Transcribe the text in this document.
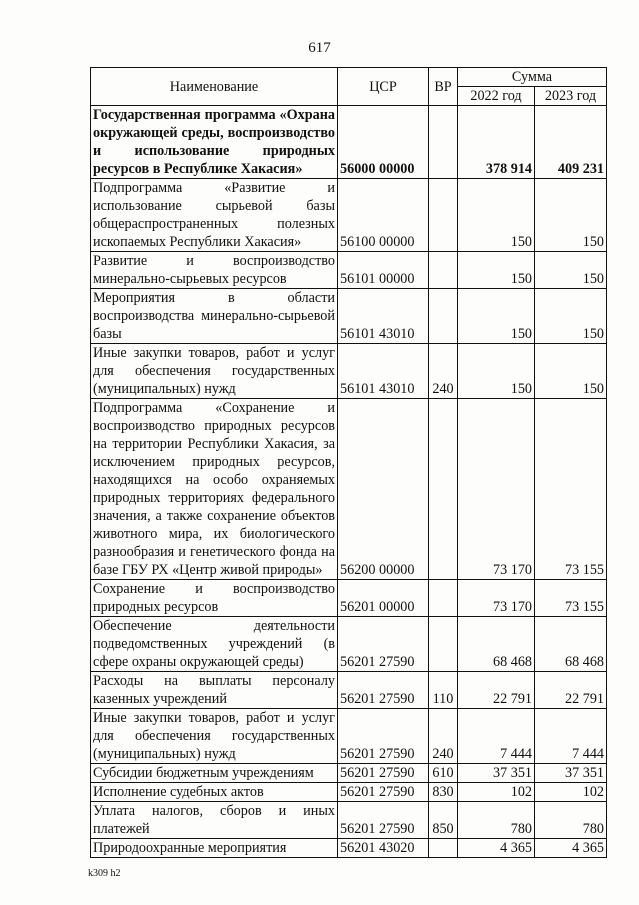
617
Наименование	ЦСР	ВР	Сумма	
			2022 год	2023 год
Государственная программа «Охрана окружающей среды, воспроизводство и использование природных ресурсов в Республике Хакасия»	56000 00000		378 914	409 231
Подпрограмма «Развитие и использование сырьевой базы общераспространенных полезных ископаемых Республики Хакасия»	56100 00000		150	150
Развитие и воспроизводство минерально-сырьевых ресурсов	56101 00000		150	150
Мероприятия в области воспроизводства минерально-сырьевой базы	56101 43010		150	150
Иные закупки товаров, работ и услуг для обеспечения государственных (муниципальных) нужд	56101 43010	240	150	150
Подпрограмма «Сохранение и воспроизводство природных ресурсов на территории Республики Хакасия, за исключением природных ресурсов, находящихся на особо охраняемых природных территориях федерального значения, а также сохранение объектов животного мира, их биологического разнообразия и генетического фонда на базе ГБУ РХ «Центр живой природы»	56200 00000		73 170	73 155
Сохранение и воспроизводство природных ресурсов	56201 00000		73 170	73 155
Обеспечение деятельности подведомственных учреждений (в сфере охраны окружающей среды)	56201 27590		68 468	68 468
Расходы на выплаты персоналу казенных учреждений	56201 27590	110	22 791	22 791
Иные закупки товаров, работ и услуг для обеспечения государственных (муниципальных) нужд	56201 27590	240	7 444	7 444
Субсидии бюджетным учреждениям	56201 27590	610	37 351	37 351
Исполнение судебных актов	56201 27590	830	102	102
Уплата налогов, сборов и иных платежей	56201 27590	850	780	780
Природоохранные мероприятия	56201 43020		4 365	4 365
k309 h2
